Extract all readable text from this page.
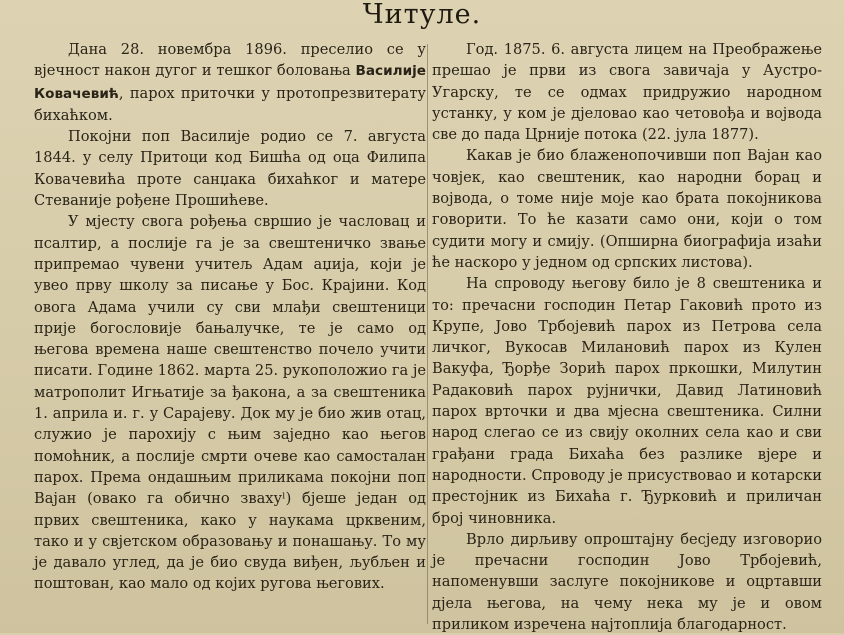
Читуле.

Дана 28. новембра 1896. преселио се у вјечност након дугог и тешког боловања Василије Ковачевић, парох приточки у протопрезвитерату бихаћком.

Покојни поп Василије родио се 7. августа 1844. у селу Притоци код Бишћа од оца Филипа Ковачевића проте санџака бихаћког и матере Стеваније рођене Прошићеве.

У мјесту свога рођења свршио је часловац и псалтир, а послије га је за свештеничко звање припремао чувени учитељ Адам аџија, који је увео прву школу за писање у Бос. Крајини. Код овога Адама учили су сви млађи свештеници прије богословије бањалучке, те је само од његова времена наше свештенство почело учити писати. Године 1862. марта 25. рукоположио га је матрополит Игњатије за ђакона, а за свештеника 1. априла и. г. у Сарајеву. Док му је био жив отац, служио је парохију с њим заједно као његов помоћник, а послије смрти очеве као самосталан парох. Према ондашњим приликама покојни поп Вајан (овако га обично звахуˡ) бјеше један од првих свештеника, како у наукама црквеним, тако и у свјетском образовању и понашању. То му је давало углед, да је био свуда виђен, љубљен и поштован, као мало од којих ругова његових.

Год. 1875. 6. августа лицем на Преображење прешао је први из свога завичаја у Аустро-Угарску, те се одмах придружио народном устанку, у ком је дјеловао као четовођа и војвода све до пада Црније потока (22. јула 1877).

Какав је био блаженопочивши поп Вајан као човјек, као свештеник, као народни борац и војвода, о томе није моје као брата покојникова говорити. То ће казати само они, који о том судити могу и смију. (Опширна биографија изаћи ће наскоро у једном од српских листова).

На спроводу његову било је 8 свештеника и то: пречасни господин Петар Гаковић прото из Крупе, Јово Трбојевић парох из Петрова села личког, Вукосав Милановић парох из Кулен Вакуфа, Ђорђе Зорић парох пркошки, Милутин Радаковић парох рујнички, Давид Латиновић парох врточки и два мјесна свештеника. Силни народ слегао се из свију околних села као и сви грађани града Бихаћа без разлике вјере и народности. Спроводу је присуствовао и котарски престојник из Бихаћа г. Ђурковић и приличан број чиновника.

Врло дирљиву опроштајну бесједу изговорио је пречасни господин Јово Трбојевић, напоменувши заслуге покојникове и оцртавши дјела његова, на чему нека му је и овом приликом изречена најтоплија благодарност.
